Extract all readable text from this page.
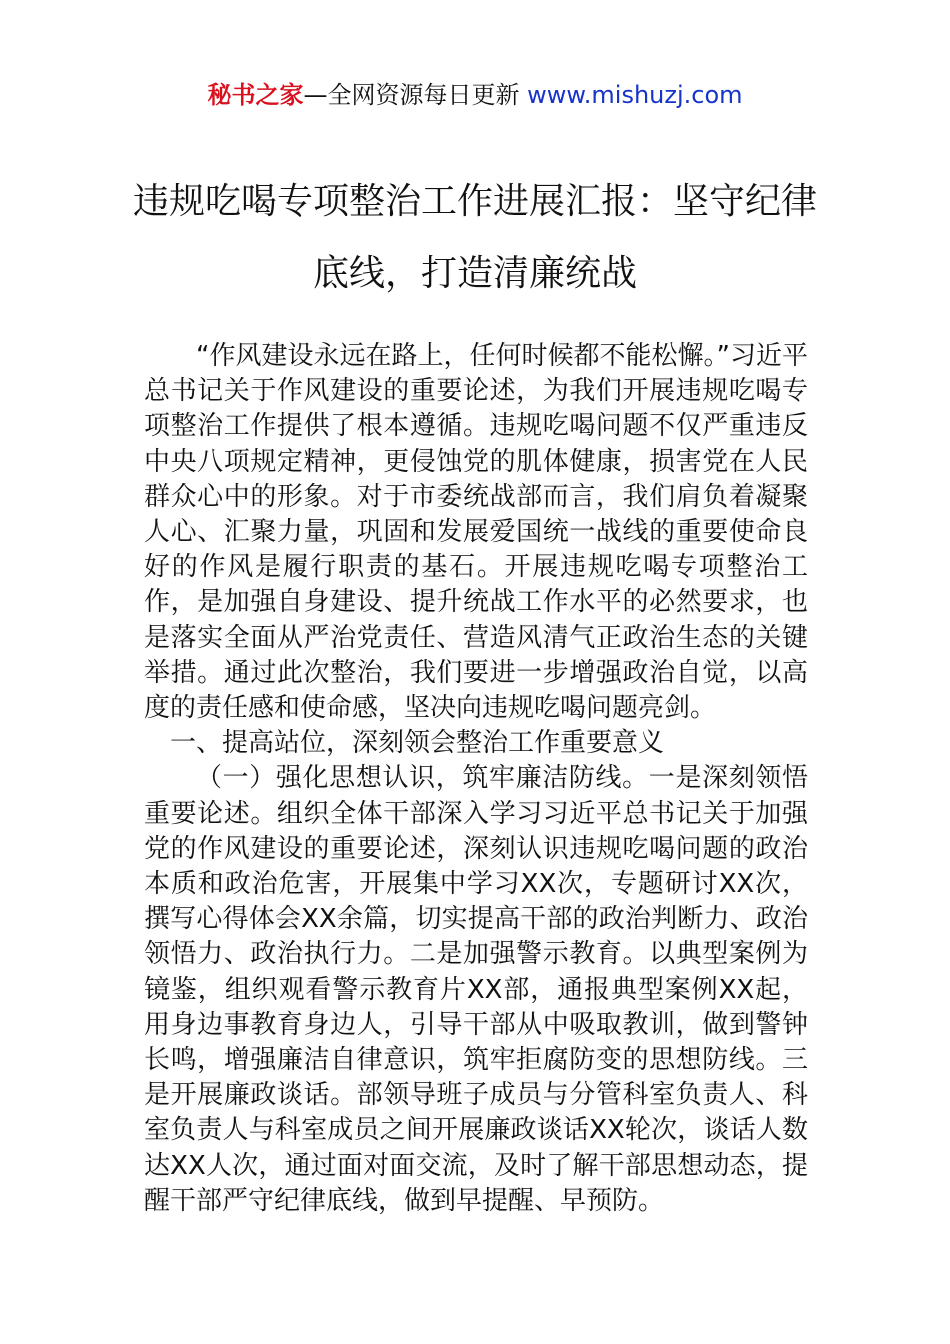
秘书之家—全网资源每日更新 www.mishuzj.com
违规吃喝专项整治工作进展汇报：坚守纪律底线，打造清廉统战

“作风建设永远在路上，任何时候都不能松懈。”习近平总书记关于作风建设的重要论述，为我们开展违规吃喝专项整治工作提供了根本遵循。违规吃喝问题不仅严重违反中央八项规定精神，更侵蚀党的肌体健康，损害党在人民群众心中的形象。对于市委统战部而言，我们肩负着凝聚人心、汇聚力量，巩固和发展爱国统一战线的重要使命良好的作风是履行职责的基石。开展违规吃喝专项整治工作，是加强自身建设、提升统战工作水平的必然要求，也是落实全面从严治党责任、营造风清气正政治生态的关键举措。通过此次整治，我们要进一步增强政治自觉，以高度的责任感和使命感，坚决向违规吃喝问题亮剑。

一、提高站位，深刻领会整治工作重要意义

（一）强化思想认识，筑牢廉洁防线。一是深刻领悟重要论述。组织全体干部深入学习习近平总书记关于加强党的作风建设的重要论述，深刻认识违规吃喝问题的政治本质和政治危害，开展集中学习XX次，专题研讨XX次，撰写心得体会XX余篇，切实提高干部的政治判断力、政治领悟力、政治执行力。二是加强警示教育。以典型案例为镜鉴，组织观看警示教育片XX部，通报典型案例XX起，用身边事教育身边人，引导干部从中吸取教训，做到警钟长鸣，增强廉洁自律意识，筑牢拒腐防变的思想防线。三是开展廉政谈话。部领导班子成员与分管科室负责人、科室负责人与科室成员之间开展廉政谈话XX轮次，谈话人数达XX人次，通过面对面交流，及时了解干部思想动态，提醒干部严守纪律底线，做到早提醒、早预防。
